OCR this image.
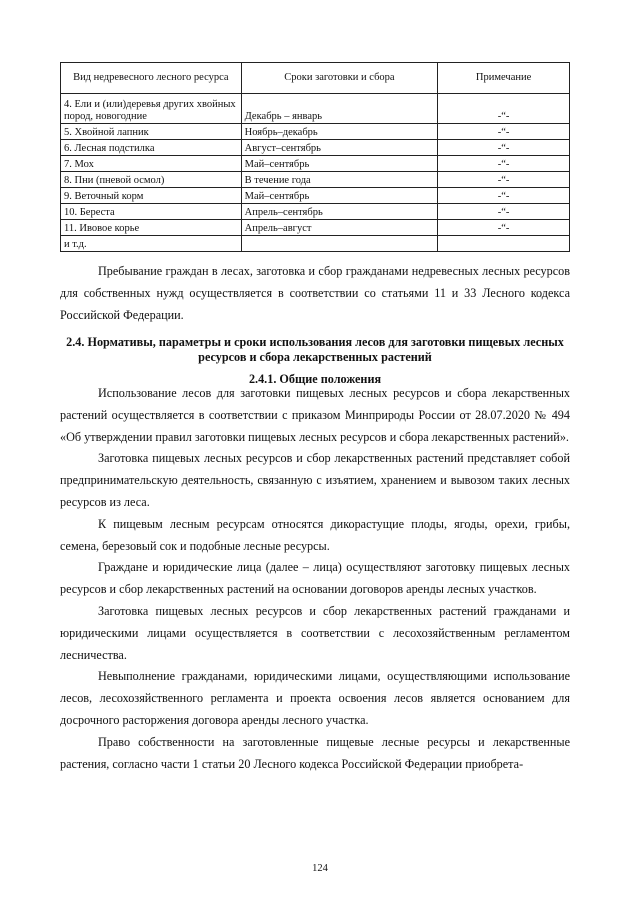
Вид недревесного лесного ресурса	Сроки заготовки и сбора	Примечание
4. Ели и (или)деревья других хвойных пород, новогодние	Декабрь – январь	-“-
5. Хвойной лапник	Ноябрь–декабрь	-“-
6. Лесная подстилка	Август–сентябрь	-“-
7. Мох	Май–сентябрь	-“-
8. Пни (пневой осмол)	В течение года	-“-
9. Веточный корм	Май–сентябрь	-“-
10. Береста	Апрель–сентябрь	-“-
11. Ивовое корье	Апрель–август	-“-
и т.д.		

Пребывание граждан в лесах, заготовка и сбор гражданами недревесных лесных ресурсов для собственных нужд осуществляется в соответствии со статьями 11 и 33 Лесного кодекса Российской Федерации.

2.4. Нормативы, параметры и сроки использования лесов для заготовки пищевых лесных ресурсов и сбора лекарственных растений

2.4.1. Общие положения

Использование лесов для заготовки пищевых лесных ресурсов и сбора лекарственных растений осуществляется в соответствии с приказом Минприроды России от 28.07.2020 № 494 «Об утверждении правил заготовки пищевых лесных ресурсов и сбора лекарственных растений».

Заготовка пищевых лесных ресурсов и сбор лекарственных растений представляет собой предпринимательскую деятельность, связанную с изъятием, хранением и вывозом таких лесных ресурсов из леса.

К пищевым лесным ресурсам относятся дикорастущие плоды, ягоды, орехи, грибы, семена, березовый сок и подобные лесные ресурсы.

Граждане и юридические лица (далее – лица) осуществляют заготовку пищевых лесных ресурсов и сбор лекарственных растений на основании договоров аренды лесных участков.

Заготовка пищевых лесных ресурсов и сбор лекарственных растений гражданами и юридическими лицами осуществляется в соответствии с лесохозяйственным регламентом лесничества.

Невыполнение гражданами, юридическими лицами, осуществляющими использование лесов, лесохозяйственного регламента и проекта освоения лесов является основанием для досрочного расторжения договора аренды лесного участка.

Право собственности на заготовленные пищевые лесные ресурсы и лекарственные растения, согласно части 1 статьи 20 Лесного кодекса Российской Федерации приобрета-

124
